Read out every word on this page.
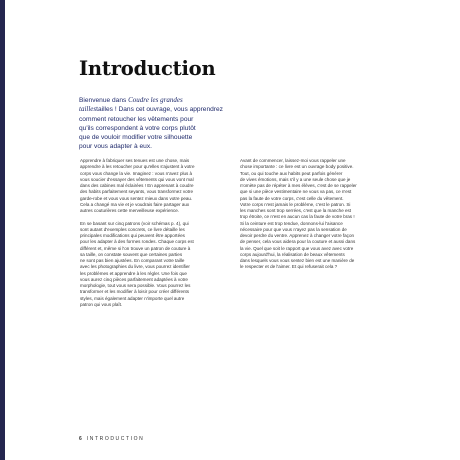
Introduction
Bienvenue dans Coudre les grandes
taillestailles ! Dans cet ouvrage, vous apprendrez
comment retoucher les vêtements pour
qu'ils correspondent à votre corps plutôt
que de vouloir modifier votre silhouette
pour vous adapter à eux.

Apprendre à fabriquer ses tenues est une chose, mais
apprendre à les retoucher pour qu'elles s'ajustent à votre
corps vous change la vie. Imaginez : vous n'avez plus à
vous soucier d'essayer des vêtements qui vous vont mal
dans des cabines mal éclairées ! En apprenant à coudre
des habits parfaitement seyants, vous transformez votre
garde-robe et vous vous sentez mieux dans votre peau.
Cela a changé ma vie et je voudrais faire partager aux
autres couturières cette merveilleuse expérience.

En se basant sur cinq patrons (voir schémas p. 4), qui
sont autant d'exemples concrets, ce livre détaille les
principales modifications qui peuvent être apportées
pour les adapter à des formes rondes. Chaque corps est
différent et, même si l'on trouve un patron de couture à
sa taille, on constate souvent que certaines parties
ne sont pas bien ajustées. En comparant votre taille
avec les photographies du livre, vous pourrez identifier
les problèmes et apprendre à les régler. Une fois que
vous aurez cinq pièces parfaitement adaptées à votre
morphologie, tout vous sera possible. Vous pourrez les
transformer et les modifier à loisir pour créer différents
styles, mais également adapter n'importe quel autre
patron qui vous plaît.

Avant de commencer, laissez-moi vous rappeler une
chose importante : ce livre est un ouvrage body positive.
Tout, ou qui touche aux habits peut parfois générer
de vives émotions, mais s'il y a une seule chose que je
n'omète pas de répéter à mes élèves, c'est de se rappeler
que si une pièce vestimentaire ne vous va pas, ce n'est
pas la faute de votre corps, c'est celle du vêtement.
Votre corps n'est jamais le problème, c'est le patron. Si
les manches sont trop serrées, c'est que la manche est
trop étroite, ce n'est en aucun cas la faute de votre bras !
Si la ceinture est trop tendue, donnons-lui l'aisance
nécessaire pour que vous n'ayez pas la sensation de
devoir perdre du ventre. Apprenez à changer votre façon
de penser, cela vous aidera pour la couture et aussi dans
la vie. Quel que soit le rapport que vous avez avec votre
corps aujourd'hui, la réalisation de beaux vêtements
dans lesquels vous vous sentez bien est une manière de
le respecter et de l'aimer. Et qui refuserait cela ?

6 INTRODUCTION
